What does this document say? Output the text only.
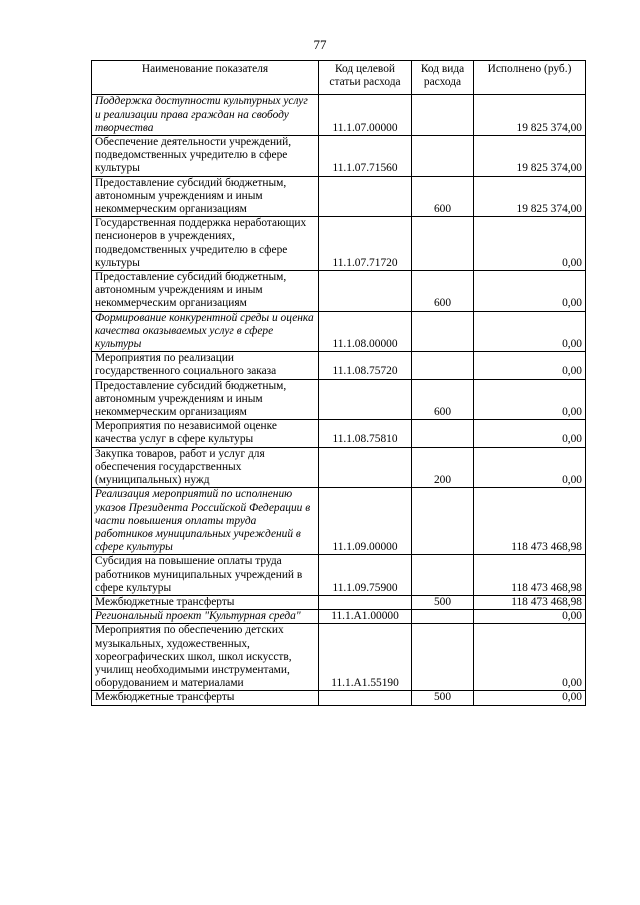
77
Наименование показателя	Код целевой статьи расхода	Код вида расхода	Исполнено (руб.)
Поддержка доступности культурных услуг и реализации права граждан на свободу творчества	11.1.07.00000		19 825 374,00
Обеспечение деятельности учреждений, подведомственных учредителю в сфере культуры	11.1.07.71560		19 825 374,00
Предоставление субсидий бюджетным, автономным учреждениям и иным некоммерческим организациям		600	19 825 374,00
Государственная поддержка неработающих пенсионеров в учреждениях, подведомственных учредителю в сфере культуры	11.1.07.71720		0,00
Предоставление субсидий бюджетным, автономным учреждениям и иным некоммерческим организациям		600	0,00
Формирование конкурентной среды и оценка качества оказываемых услуг в сфере культуры	11.1.08.00000		0,00
Мероприятия по реализации государственного социального заказа	11.1.08.75720		0,00
Предоставление субсидий бюджетным, автономным учреждениям и иным некоммерческим организациям		600	0,00
Мероприятия по независимой оценке качества услуг в сфере культуры	11.1.08.75810		0,00
Закупка товаров, работ и услуг для обеспечения государственных (муниципальных) нужд		200	0,00
Реализация мероприятий по исполнению указов Президента Российской Федерации в части повышения оплаты труда работников муниципальных учреждений в сфере культуры	11.1.09.00000		118 473 468,98
Субсидия на повышение оплаты труда работников муниципальных учреждений в сфере культуры	11.1.09.75900		118 473 468,98
Межбюджетные трансферты		500	118 473 468,98
Региональный проект "Культурная среда"	11.1.А1.00000		0,00
Мероприятия по обеспечению детских музыкальных, художественных, хореографических школ, школ искусств, училищ необходимыми инструментами, оборудованием и материалами	11.1.А1.55190		0,00
Межбюджетные трансферты		500	0,00
